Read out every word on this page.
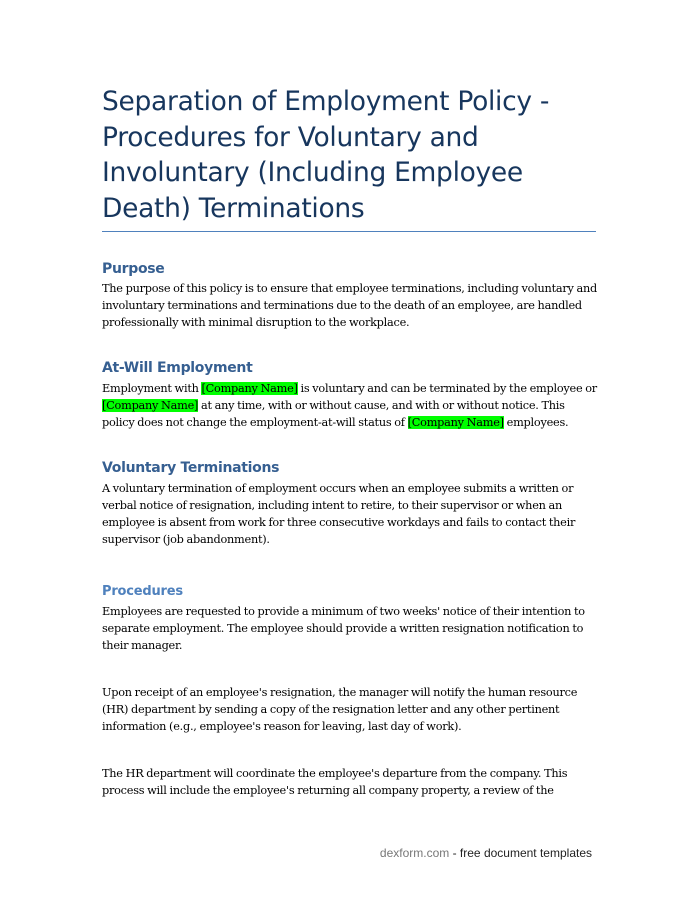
Separation of Employment Policy - Procedures for Voluntary and Involuntary (Including Employee Death) Terminations
Purpose

The purpose of this policy is to ensure that employee terminations, including voluntary and involuntary terminations and terminations due to the death of an employee, are handled professionally with minimal disruption to the workplace.

At-Will Employment

Employment with [Company Name] is voluntary and can be terminated by the employee or [Company Name] at any time, with or without cause, and with or without notice. This policy does not change the employment-at-will status of [Company Name] employees.

Voluntary Terminations

A voluntary termination of employment occurs when an employee submits a written or verbal notice of resignation, including intent to retire, to their supervisor or when an employee is absent from work for three consecutive workdays and fails to contact their supervisor (job abandonment).

Procedures

Employees are requested to provide a minimum of two weeks' notice of their intention to separate employment. The employee should provide a written resignation notification to their manager.

Upon receipt of an employee's resignation, the manager will notify the human resource (HR) department by sending a copy of the resignation letter and any other pertinent information (e.g., employee's reason for leaving, last day of work).

The HR department will coordinate the employee's departure from the company. This process will include the employee's returning all company property, a review of the

dexform.com - free document templates
